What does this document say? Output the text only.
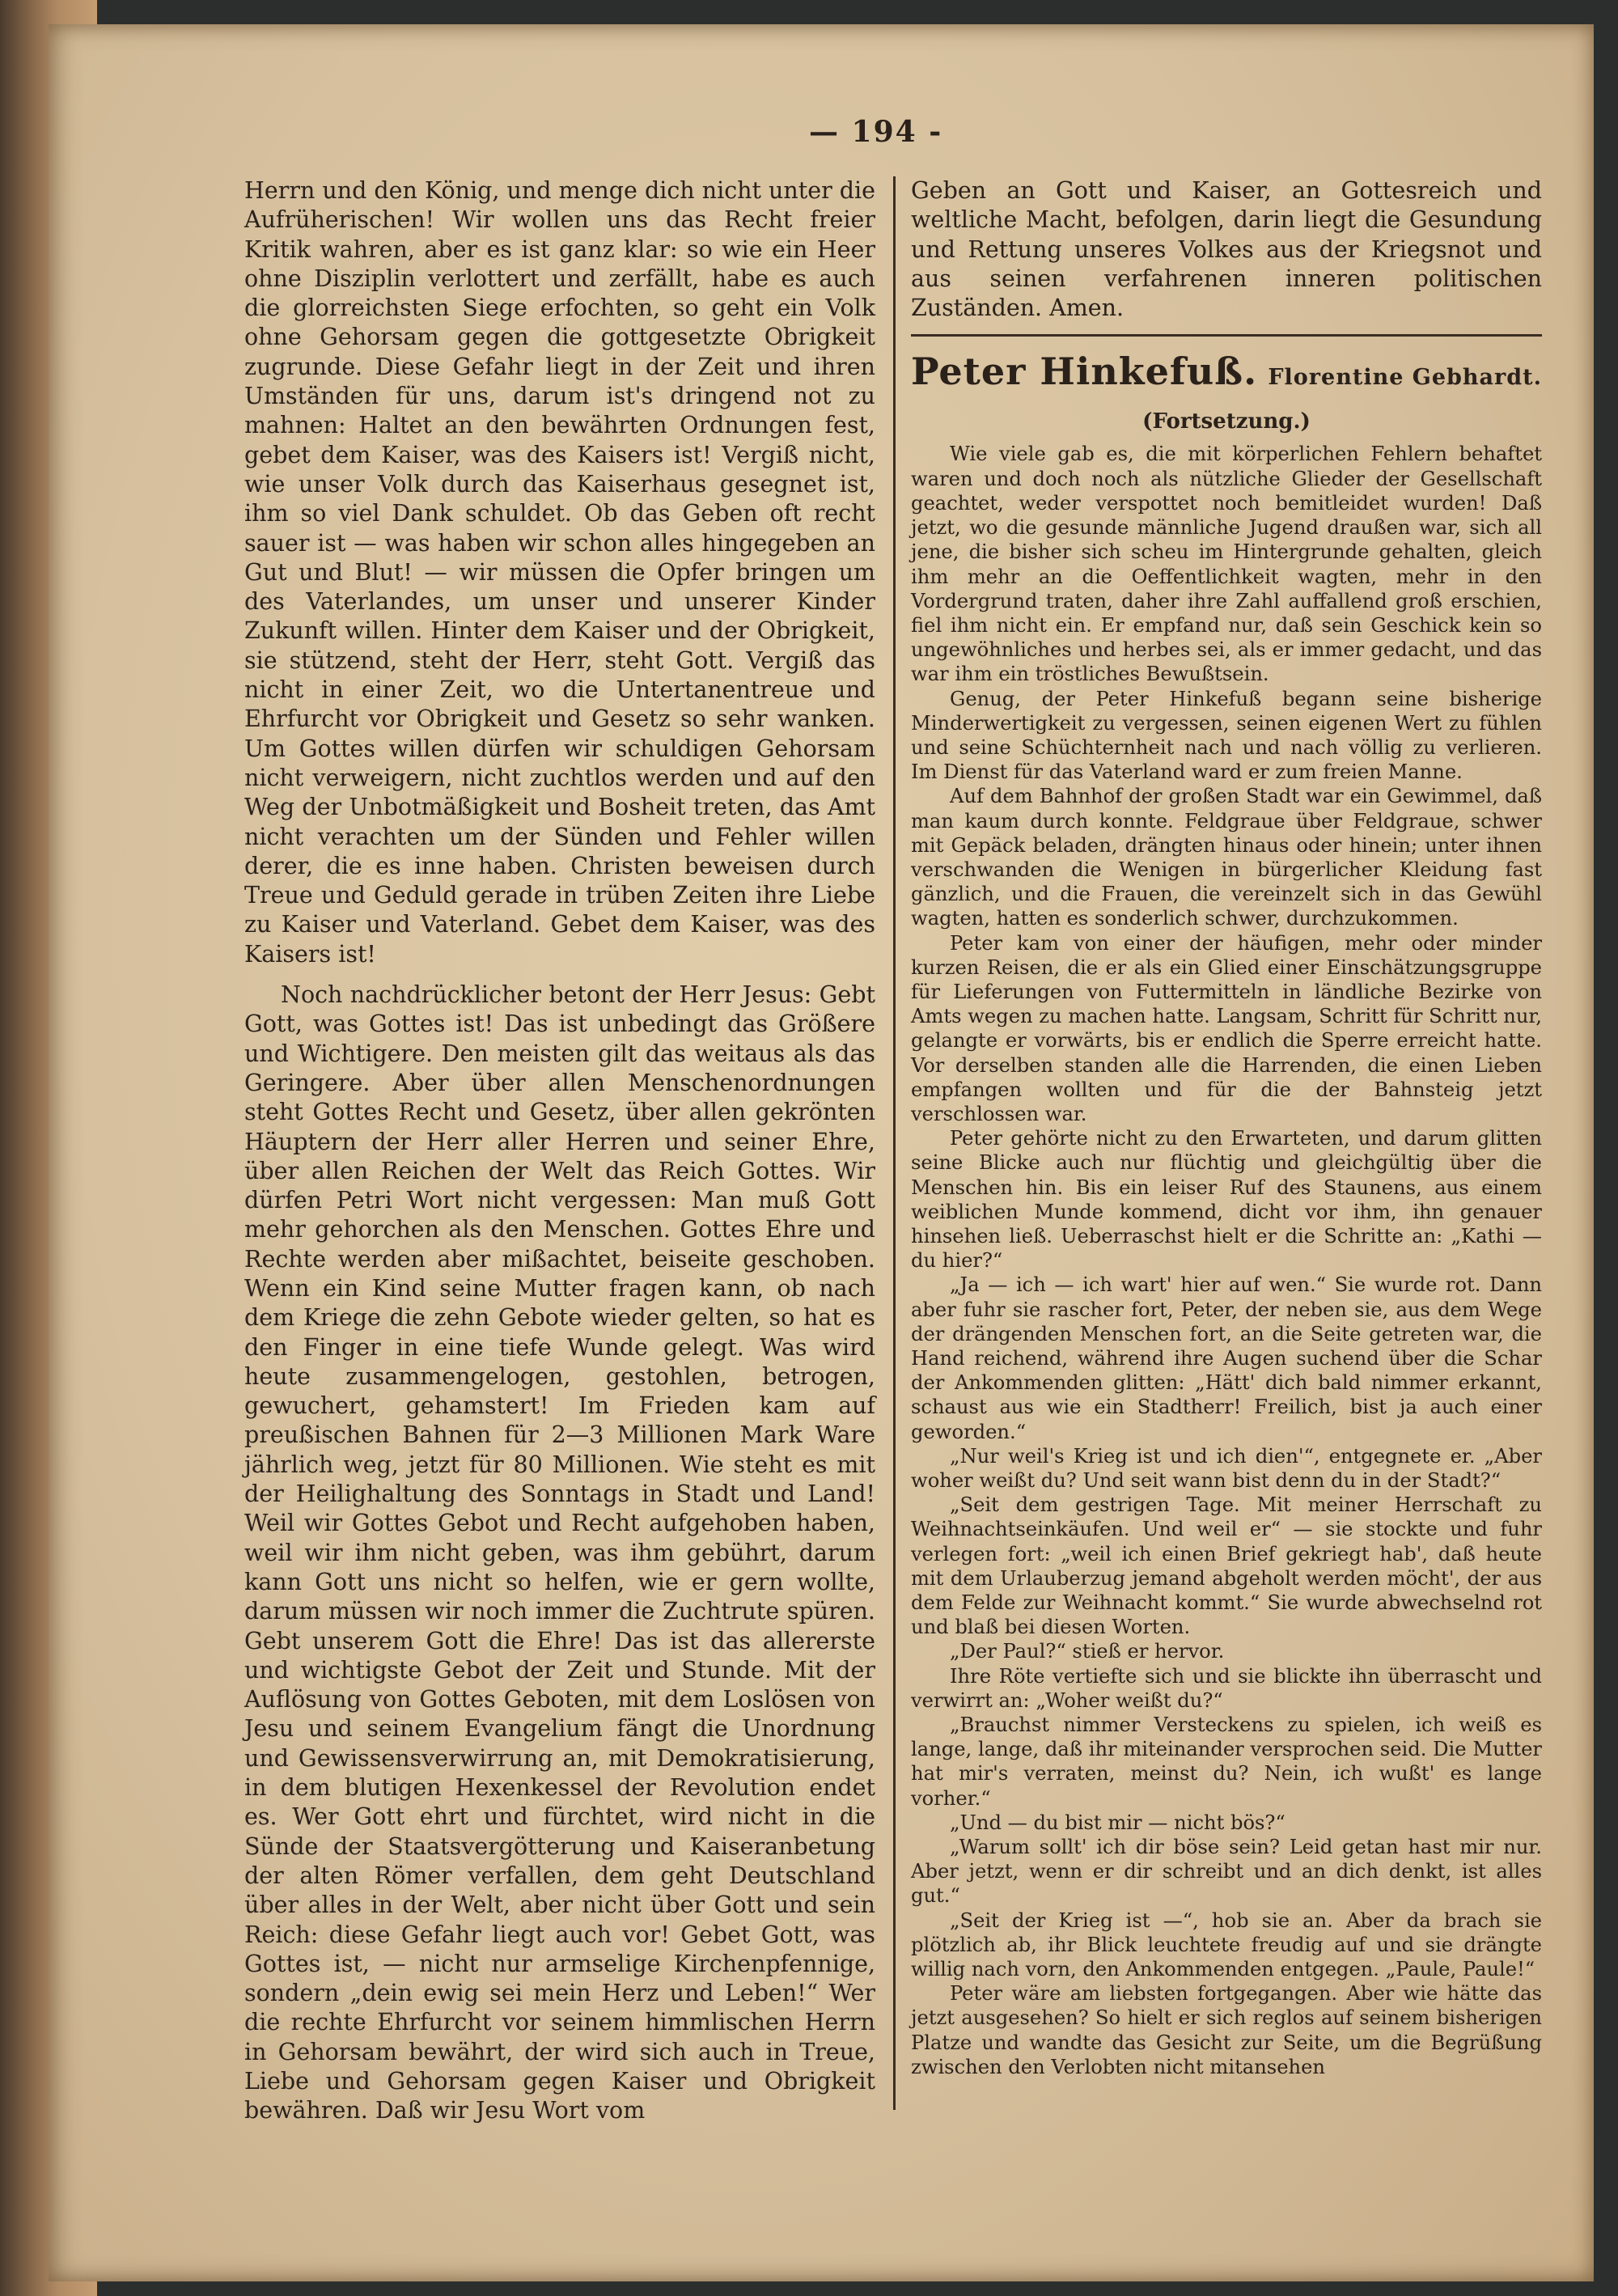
— 194 -

Herrn und den König, und menge dich nicht unter die Aufrüherischen! Wir wollen uns das Recht freier Kritik wahren, aber es ist ganz klar: so wie ein Heer ohne Disziplin verlottert und zerfällt, habe es auch die glorreichsten Siege erfochten, so geht ein Volk ohne Gehorsam gegen die gottgesetzte Obrigkeit zugrunde. Diese Gefahr liegt in der Zeit und ihren Umständen für uns, darum ist's dringend not zu mahnen: Haltet an den bewährten Ordnungen fest, gebet dem Kaiser, was des Kaisers ist! Vergiß nicht, wie unser Volk durch das Kaiserhaus gesegnet ist, ihm so viel Dank schuldet. Ob das Geben oft recht sauer ist — was haben wir schon alles hingegeben an Gut und Blut! — wir müssen die Opfer bringen um des Vaterlandes, um unser und unserer Kinder Zukunft willen. Hinter dem Kaiser und der Obrigkeit, sie stützend, steht der Herr, steht Gott. Vergiß das nicht in einer Zeit, wo die Untertanentreue und Ehrfurcht vor Obrigkeit und Gesetz so sehr wanken. Um Gottes willen dürfen wir schuldigen Gehorsam nicht verweigern, nicht zuchtlos werden und auf den Weg der Unbotmäßigkeit und Bosheit treten, das Amt nicht verachten um der Sünden und Fehler willen derer, die es inne haben. Christen beweisen durch Treue und Geduld gerade in trüben Zeiten ihre Liebe zu Kaiser und Vaterland. Gebet dem Kaiser, was des Kaisers ist!

Noch nachdrücklicher betont der Herr Jesus: Gebt Gott, was Gottes ist! Das ist unbedingt das Größere und Wichtigere. Den meisten gilt das weitaus als das Geringere. Aber über allen Menschenordnungen steht Gottes Recht und Gesetz, über allen gekrönten Häuptern der Herr aller Herren und seiner Ehre, über allen Reichen der Welt das Reich Gottes. Wir dürfen Petri Wort nicht vergessen: Man muß Gott mehr gehorchen als den Menschen. Gottes Ehre und Rechte werden aber mißachtet, beiseite geschoben. Wenn ein Kind seine Mutter fragen kann, ob nach dem Kriege die zehn Gebote wieder gelten, so hat es den Finger in eine tiefe Wunde gelegt. Was wird heute zusammengelogen, gestohlen, betrogen, gewuchert, gehamstert! Im Frieden kam auf preußischen Bahnen für 2—3 Millionen Mark Ware jährlich weg, jetzt für 80 Millionen. Wie steht es mit der Heilighaltung des Sonntags in Stadt und Land! Weil wir Gottes Gebot und Recht aufgehoben haben, weil wir ihm nicht geben, was ihm gebührt, darum kann Gott uns nicht so helfen, wie er gern wollte, darum müssen wir noch immer die Zuchtrute spüren. Gebt unserem Gott die Ehre! Das ist das allererste und wichtigste Gebot der Zeit und Stunde. Mit der Auflösung von Gottes Geboten, mit dem Loslösen von Jesu und seinem Evangelium fängt die Unordnung und Gewissensverwirrung an, mit Demokratisierung, in dem blutigen Hexenkessel der Revolution endet es. Wer Gott ehrt und fürchtet, wird nicht in die Sünde der Staatsvergötterung und Kaiseranbetung der alten Römer verfallen, dem geht Deutschland über alles in der Welt, aber nicht über Gott und sein Reich: diese Gefahr liegt auch vor! Gebet Gott, was Gottes ist, — nicht nur armselige Kirchenpfennige, sondern „dein ewig sei mein Herz und Leben!“ Wer die rechte Ehrfurcht vor seinem himmlischen Herrn in Gehorsam bewährt, der wird sich auch in Treue, Liebe und Gehorsam gegen Kaiser und Obrigkeit bewähren. Daß wir Jesu Wort vom

Geben an Gott und Kaiser, an Gottesreich und weltliche Macht, befolgen, darin liegt die Gesundung und Rettung unseres Volkes aus der Kriegsnot und aus seinen verfahrenen inneren politischen Zuständen. Amen.

Peter Hinkefuß. Florentine Gebhardt.
(Fortsetzung.)

Wie viele gab es, die mit körperlichen Fehlern behaftet waren und doch noch als nützliche Glieder der Gesellschaft geachtet, weder verspottet noch bemitleidet wurden! Daß jetzt, wo die gesunde männliche Jugend draußen war, sich all jene, die bisher sich scheu im Hintergrunde gehalten, gleich ihm mehr an die Oeffentlichkeit wagten, mehr in den Vordergrund traten, daher ihre Zahl auffallend groß erschien, fiel ihm nicht ein. Er empfand nur, daß sein Geschick kein so ungewöhnliches und herbes sei, als er immer gedacht, und das war ihm ein tröstliches Bewußtsein.

Genug, der Peter Hinkefuß begann seine bisherige Minderwertigkeit zu vergessen, seinen eigenen Wert zu fühlen und seine Schüchternheit nach und nach völlig zu verlieren. Im Dienst für das Vaterland ward er zum freien Manne.

Auf dem Bahnhof der großen Stadt war ein Gewimmel, daß man kaum durch konnte. Feldgraue über Feldgraue, schwer mit Gepäck beladen, drängten hinaus oder hinein; unter ihnen verschwanden die Wenigen in bürgerlicher Kleidung fast gänzlich, und die Frauen, die vereinzelt sich in das Gewühl wagten, hatten es sonderlich schwer, durchzukommen.

Peter kam von einer der häufigen, mehr oder minder kurzen Reisen, die er als ein Glied einer Einschätzungsgruppe für Lieferungen von Futtermitteln in ländliche Bezirke von Amts wegen zu machen hatte. Langsam, Schritt für Schritt nur, gelangte er vorwärts, bis er endlich die Sperre erreicht hatte. Vor derselben standen alle die Harrenden, die einen Lieben empfangen wollten und für die der Bahnsteig jetzt verschlossen war.

Peter gehörte nicht zu den Erwarteten, und darum glitten seine Blicke auch nur flüchtig und gleichgültig über die Menschen hin. Bis ein leiser Ruf des Staunens, aus einem weiblichen Munde kommend, dicht vor ihm, ihn genauer hinsehen ließ. Ueberraschst hielt er die Schritte an: „Kathi — du hier?“

„Ja — ich — ich wart' hier auf wen.“ Sie wurde rot. Dann aber fuhr sie rascher fort, Peter, der neben sie, aus dem Wege der drängenden Menschen fort, an die Seite getreten war, die Hand reichend, während ihre Augen suchend über die Schar der Ankommenden glitten: „Hätt' dich bald nimmer erkannt, schaust aus wie ein Stadtherr! Freilich, bist ja auch einer geworden.“

„Nur weil's Krieg ist und ich dien'“, entgegnete er. „Aber woher weißt du? Und seit wann bist denn du in der Stadt?“

„Seit dem gestrigen Tage. Mit meiner Herrschaft zu Weihnachtseinkäufen. Und weil er“ — sie stockte und fuhr verlegen fort: „weil ich einen Brief gekriegt hab', daß heute mit dem Urlauberzug jemand abgeholt werden möcht', der aus dem Felde zur Weihnacht kommt.“ Sie wurde abwechselnd rot und blaß bei diesen Worten.

„Der Paul?“ stieß er hervor.

Ihre Röte vertiefte sich und sie blickte ihn überrascht und verwirrt an: „Woher weißt du?“

„Brauchst nimmer Versteckens zu spielen, ich weiß es lange, lange, daß ihr miteinander versprochen seid. Die Mutter hat mir's verraten, meinst du? Nein, ich wußt' es lange vorher.“

„Und — du bist mir — nicht bös?“

„Warum sollt' ich dir böse sein? Leid getan hast mir nur. Aber jetzt, wenn er dir schreibt und an dich denkt, ist alles gut.“

„Seit der Krieg ist —“, hob sie an. Aber da brach sie plötzlich ab, ihr Blick leuchtete freudig auf und sie drängte willig nach vorn, den Ankommenden entgegen. „Paule, Paule!“

Peter wäre am liebsten fortgegangen. Aber wie hätte das jetzt ausgesehen? So hielt er sich reglos auf seinem bisherigen Platze und wandte das Gesicht zur Seite, um die Begrüßung zwischen den Verlobten nicht mitansehen
